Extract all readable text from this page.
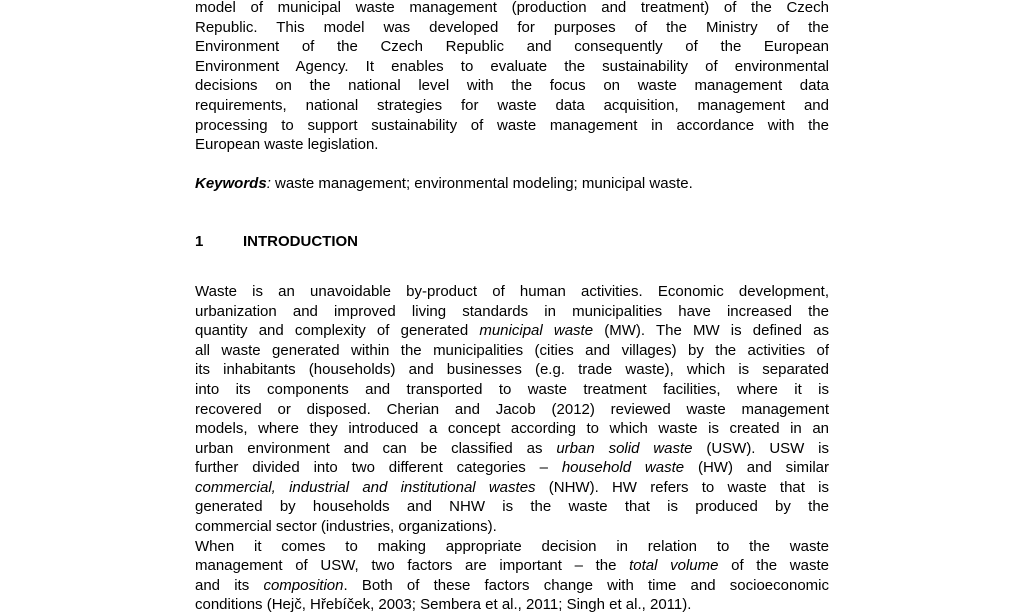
model of municipal waste management (production and treatment) of the Czech
Republic. This model was developed for purposes of the Ministry of the
Environment of the Czech Republic and consequently of the European
Environment Agency. It enables to evaluate the sustainability of environmental
decisions on the national level with the focus on waste management data
requirements, national strategies for waste data acquisition, management and
processing to support sustainability of waste management in accordance with the
European waste legislation.

Keywords: waste management; environmental modeling; municipal waste.

1	INTRODUCTION

Waste is an unavoidable by-product of human activities. Economic development,
urbanization and improved living standards in municipalities have increased the
quantity and complexity of generated municipal waste (MW). The MW is defined as
all waste generated within the municipalities (cities and villages) by the activities of
its inhabitants (households) and businesses (e.g. trade waste), which is separated
into its components and transported to waste treatment facilities, where it is
recovered or disposed. Cherian and Jacob (2012) reviewed waste management
models, where they introduced a concept according to which waste is created in an
urban environment and can be classified as urban solid waste (USW). USW is
further divided into two different categories – household waste (HW) and similar
commercial, industrial and institutional wastes (NHW). HW refers to waste that is
generated by households and NHW is the waste that is produced by the
commercial sector (industries, organizations).

When it comes to making appropriate decision in relation to the waste
management of USW, two factors are important – the total volume of the waste
and its composition. Both of these factors change with time and socioeconomic
conditions (Hejč, Hřebíček, 2003; Sembera et al., 2011; Singh et al., 2011).
